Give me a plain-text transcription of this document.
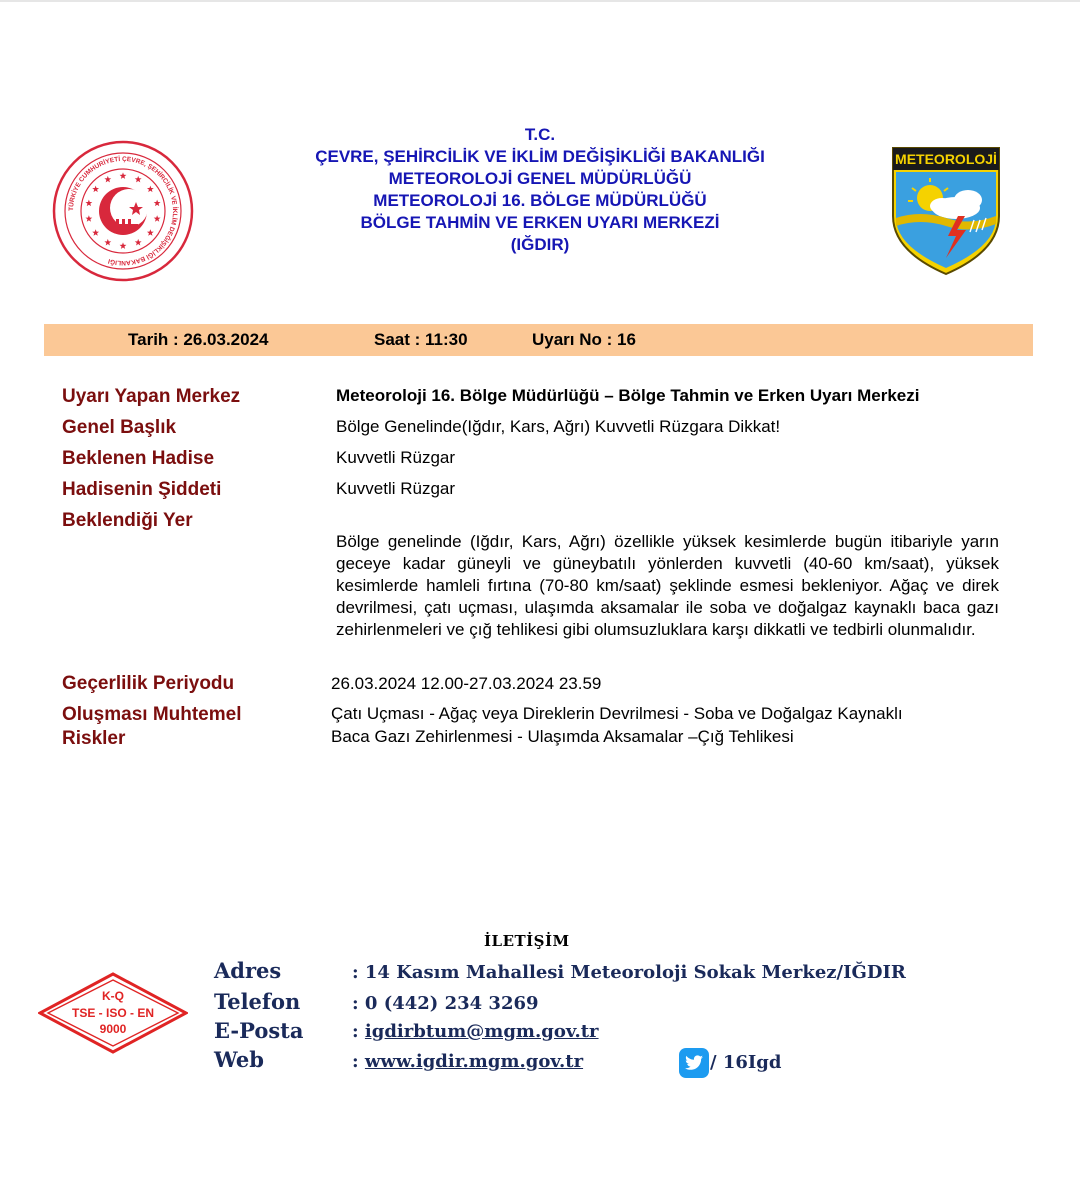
TÜRKİYE CUMHURİYETİ ÇEVRE, ŞEHİRCİLİK VE İKLİM DEĞİŞİKLİĞİ BAKANLIĞI
T.C.
ÇEVRE, ŞEHİRCİLİK VE İKLİM DEĞİŞİKLİĞİ BAKANLIĞI
METEOROLOJİ GENEL MÜDÜRLÜĞÜ
METEOROLOJİ 16. BÖLGE MÜDÜRLÜĞÜ
BÖLGE TAHMİN VE ERKEN UYARI MERKEZİ
(IĞDIR)
METEOROLOJİ
Tarih : 26.03.2024	Saat : 11:30	Uyarı No : 16
Uyarı Yapan Merkez	Meteoroloji 16. Bölge Müdürlüğü – Bölge Tahmin ve Erken Uyarı Merkezi
Genel Başlık	Bölge Genelinde(Iğdır, Kars, Ağrı) Kuvvetli Rüzgara Dikkat!
Beklenen Hadise	Kuvvetli Rüzgar
Hadisenin Şiddeti	Kuvvetli Rüzgar
Beklendiği Yer
Bölge genelinde (Iğdır, Kars, Ağrı) özellikle yüksek kesimlerde bugün itibariyle yarın geceye kadar güneyli ve güneybatılı yönlerden kuvvetli (40-60 km/saat), yüksek kesimlerde hamleli fırtına (70-80 km/saat) şeklinde esmesi bekleniyor. Ağaç ve direk devrilmesi, çatı uçması, ulaşımda aksamalar ile soba ve doğalgaz kaynaklı baca gazı zehirlenmeleri ve çığ tehlikesi gibi olumsuzluklara karşı dikkatli ve tedbirli olunmalıdır.
Geçerlilik Periyodu	26.03.2024 12.00-27.03.2024 23.59
Oluşması Muhtemel
Riskler
Çatı Uçması - Ağaç veya Direklerin Devrilmesi - Soba ve Doğalgaz Kaynaklı
Baca Gazı Zehirlenmesi - Ulaşımda Aksamalar –Çığ Tehlikesi
İLETİŞİM
Adres	: 14 Kasım Mahallesi Meteoroloji Sokak Merkez/IĞDIR
Telefon	: 0 (442) 234 3269
E-Posta	: igdirbtum@mgm.gov.tr
Web	: www.igdir.mgm.gov.tr	/ 16Igd
K-Q
TSE - ISO - EN
9000
